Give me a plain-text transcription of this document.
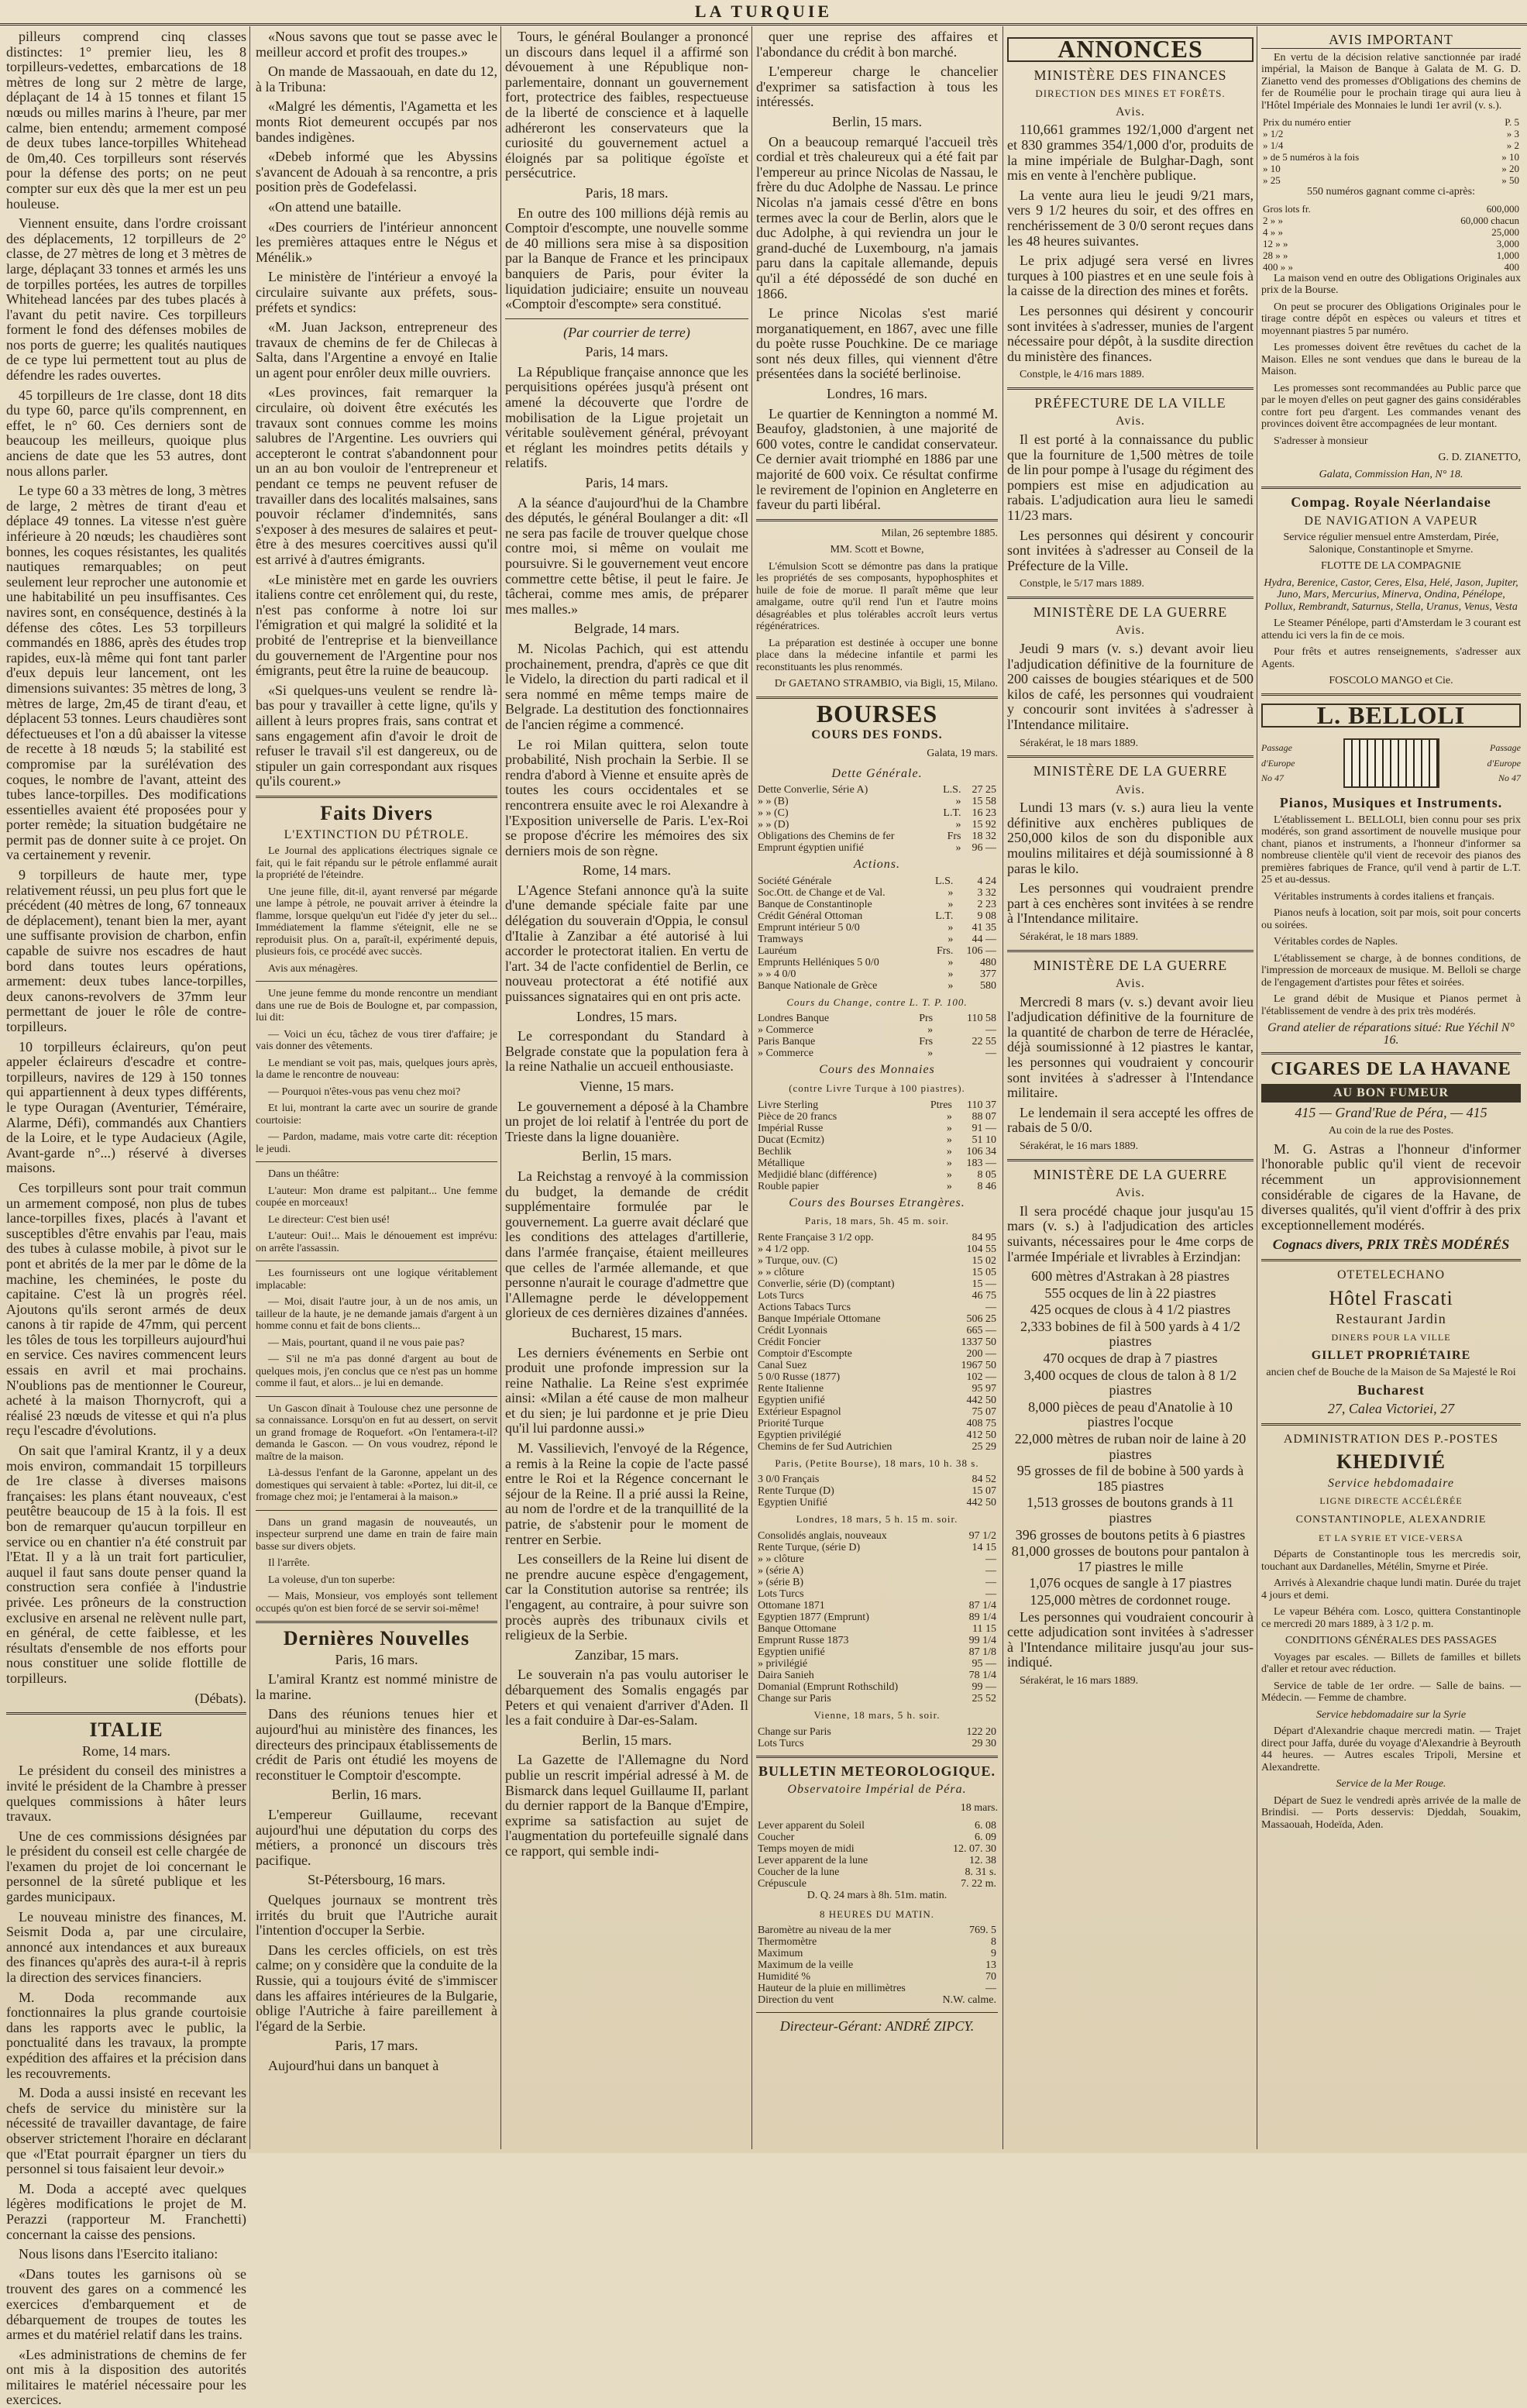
LA TURQUIE

pilleurs comprend cinq classes distinctes: 1° premier lieu, les 8 torpilleurs-vedettes, embarcations de 18 mètres de long sur 2 mètre de large, déplaçant de 14 à 15 tonnes et filant 15 nœuds ou milles marins à l'heure, par mer calme, bien entendu; armement composé de deux tubes lance-torpilles Whitehead de 0m,40. Ces torpilleurs sont réservés pour la défense des ports; on ne peut compter sur eux dès que la mer est un peu houleuse.

Viennent ensuite, dans l'ordre croissant des déplacements, 12 torpilleurs de 2° classe, de 27 mètres de long et 3 mètres de large, déplaçant 33 tonnes et armés les uns de torpilles portées, les autres de torpilles Whitehead lancées par des tubes placés à l'avant du petit navire. Ces torpilleurs forment le fond des défenses mobiles de nos ports de guerre; les qualités nautiques de ce type lui permettent tout au plus de défendre les rades ouvertes.

45 torpilleurs de 1re classe, dont 18 dits du type 60, parce qu'ils comprennent, en effet, le n° 60. Ces derniers sont de beaucoup les meilleurs, quoique plus anciens de date que les 53 autres, dont nous allons parler.

Le type 60 a 33 mètres de long, 3 mètres de large, 2 mètres de tirant d'eau et déplace 49 tonnes. La vitesse n'est guère inférieure à 20 nœuds; les chaudières sont bonnes, les coques résistantes, les qualités nautiques remarquables; on peut seulement leur reprocher une autonomie et une habitabilité un peu insuffisantes. Ces navires sont, en conséquence, destinés à la défense des côtes. Les 53 torpilleurs commandés en 1886, après des études trop rapides, eux-là même qui font tant parler d'eux depuis leur lancement, ont les dimensions suivantes: 35 mètres de long, 3 mètres de large, 2m,45 de tirant d'eau, et déplacent 53 tonnes. Leurs chaudières sont défectueuses et l'on a dû abaisser la vitesse de recette à 18 nœuds 5; la stabilité est compromise par la surélévation des coques, le nombre de l'avant, atteint des tubes lance-torpilles. Des modifications essentielles avaient été proposées pour y porter remède; la situation budgétaire ne permit pas de donner suite à ce projet. On va certainement y revenir.

9 torpilleurs de haute mer, type relativement réussi, un peu plus fort que le précédent (40 mètres de long, 67 tonneaux de déplacement), tenant bien la mer, ayant une suffisante provision de charbon, enfin capable de suivre nos escadres de haut bord dans toutes leurs opérations, armement: deux tubes lance-torpilles, deux canons-revolvers de 37mm leur permettant de jouer le rôle de contre-torpilleurs.

10 torpilleurs éclaireurs, qu'on peut appeler éclaireurs d'escadre et contre-torpilleurs, navires de 129 à 150 tonnes qui appartiennent à deux types différents, le type Ouragan (Aventurier, Téméraire, Alarme, Défi), commandés aux Chantiers de la Loire, et le type Audacieux (Agile, Avant-garde n°...) réservé à diverses maisons.

Ces torpilleurs sont pour trait commun un armement composé, non plus de tubes lance-torpilles fixes, placés à l'avant et susceptibles d'être envahis par l'eau, mais des tubes à culasse mobile, à pivot sur le pont et abrités de la mer par le dôme de la machine, les cheminées, le poste du capitaine. C'est là un progrès réel. Ajoutons qu'ils seront armés de deux canons à tir rapide de 47mm, qui percent les tôles de tous les torpilleurs aujourd'hui en service. Ces navires commencent leurs essais en avril et mai prochains. N'oublions pas de mentionner le Coureur, acheté à la maison Thornycroft, qui a réalisé 23 nœuds de vitesse et qui n'a plus reçu l'escadre d'évolutions.

On sait que l'amiral Krantz, il y a deux mois environ, commandait 15 torpilleurs de 1re classe à diverses maisons françaises: les plans étant nouveaux, c'est peutêtre beaucoup de 15 à la fois. Il est bon de remarquer qu'aucun torpilleur en service ou en chantier n'a été construit par l'Etat. Il y a là un trait fort particulier, auquel il faut sans doute penser quand la construction sera confiée à l'industrie privée. Les prôneurs de la construction exclusive en arsenal ne relèvent nulle part, en général, de cette faiblesse, et les résultats d'ensemble de nos efforts pour nous constituer une solide flottille de torpilleurs.

(Débats).

ITALIE

Rome, 14 mars.

Le président du conseil des ministres a invité le président de la Chambre à presser quelques commissions à hâter leurs travaux.

Une de ces commissions désignées par le président du conseil est celle chargée de l'examen du projet de loi concernant le personnel de la sûreté publique et les gardes municipaux.

Le nouveau ministre des finances, M. Seismit Doda a, par une circulaire, annoncé aux intendances et aux bureaux des finances qu'après des aura-t-il à repris la direction des services financiers.

M. Doda recommande aux fonctionnaires la plus grande courtoisie dans les rapports avec le public, la ponctualité dans les travaux, la prompte expédition des affaires et la précision dans les recouvrements.

M. Doda a aussi insisté en recevant les chefs de service du ministère sur la nécessité de travailler davantage, de faire observer strictement l'horaire en déclarant que «l'Etat pourrait épargner un tiers du personnel si tous faisaient leur devoir.»

M. Doda a accepté avec quelques légères modifications le projet de M. Perazzi (rapporteur M. Franchetti) concernant la caisse des pensions.

Nous lisons dans l'Esercito italiano:

«Dans toutes les garnisons où se trouvent des gares on a commencé les exercices d'embarquement et de débarquement de troupes de toutes les armes et du matériel relatif dans les trains.

«Les administrations de chemins de fer ont mis à la disposition des autorités militaires le matériel nécessaire pour les exercices.

«Nous savons que tout se passe avec le meilleur accord et profit des troupes.»

On mande de Massaouah, en date du 12, à la Tribuna:

«Malgré les démentis, l'Agametta et les monts Riot demeurent occupés par nos bandes indigènes.

«Debeb informé que les Abyssins s'avancent de Adouah à sa rencontre, a pris position près de Godefelassi.

«On attend une bataille.

«Des courriers de l'intérieur annoncent les premières attaques entre le Négus et Ménélik.»

Le ministère de l'intérieur a envoyé la circulaire suivante aux préfets, sous-préfets et syndics:

«M. Juan Jackson, entrepreneur des travaux de chemins de fer de Chilecas à Salta, dans l'Argentine a envoyé en Italie un agent pour enrôler deux mille ouvriers.

«Les provinces, fait remarquer la circulaire, où doivent être exécutés les travaux sont connues comme les moins salubres de l'Argentine. Les ouvriers qui accepteront le contrat s'abandonnent pour un an au bon vouloir de l'entrepreneur et pendant ce temps ne peuvent refuser de travailler dans des localités malsaines, sans pouvoir réclamer d'indemnités, sans s'exposer à des mesures de salaires et peut-être à des mesures coercitives aussi qu'il est arrivé à d'autres émigrants.

«Le ministère met en garde les ouvriers italiens contre cet enrôlement qui, du reste, n'est pas conforme à notre loi sur l'émigration et qui malgré la solidité et la probité de l'entreprise et la bienveillance du gouvernement de l'Argentine pour nos émigrants, peut être la ruine de beaucoup.

«Si quelques-uns veulent se rendre là-bas pour y travailler à cette ligne, qu'ils y aillent à leurs propres frais, sans contrat et sans engagement afin d'avoir le droit de refuser le travail s'il est dangereux, ou de stipuler un gain correspondant aux risques qu'ils courent.»

Faits Divers
L'EXTINCTION DU PÉTROLE.

Le Journal des applications électriques signale ce fait, qui le fait répandu sur le pétrole enflammé aurait la propriété de l'éteindre.

Une jeune fille, dit-il, ayant renversé par mégarde une lampe à pétrole, ne pouvait arriver à éteindre la flamme, lorsque quelqu'un eut l'idée d'y jeter du sel... Immédiatement la flamme s'éteignit, elle ne se reproduisit plus. On a, paraît-il, expérimenté depuis, plusieurs fois, ce procédé avec succès.

Avis aux ménagères.

Une jeune femme du monde rencontre un mendiant dans une rue de Bois de Boulogne et, par compassion, lui dit:

— Voici un écu, tâchez de vous tirer d'affaire; je vais donner des vêtements.

Le mendiant se voit pas, mais, quelques jours après, la dame le rencontre de nouveau:

— Pourquoi n'êtes-vous pas venu chez moi?

Et lui, montrant la carte avec un sourire de grande courtoisie:

— Pardon, madame, mais votre carte dit: réception le jeudi.

Dans un théâtre:

L'auteur: Mon drame est palpitant... Une femme coupée en morceaux!

Le directeur: C'est bien usé!

L'auteur: Oui!... Mais le dénouement est imprévu: on arrête l'assassin.

Les fournisseurs ont une logique véritablement implacable:

— Moi, disait l'autre jour, à un de nos amis, un tailleur de la haute, je ne demande jamais d'argent à un homme connu et fait de bons clients...

— Mais, pourtant, quand il ne vous paie pas?

— S'il ne m'a pas donné d'argent au bout de quelques mois, j'en conclus que ce n'est pas un homme comme il faut, et alors... je lui en demande.

Un Gascon dînait à Toulouse chez une personne de sa connaissance. Lorsqu'on en fut au dessert, on servit un grand fromage de Roquefort. «On l'entamera-t-il? demanda le Gascon. — On vous voudrez, répond le maître de la maison.

Là-dessus l'enfant de la Garonne, appelant un des domestiques qui servaient à table: «Portez, lui dit-il, ce fromage chez moi; je l'entamerai à la maison.»

Dans un grand magasin de nouveautés, un inspecteur surprend une dame en train de faire main basse sur divers objets.

Il l'arrête.

La voleuse, d'un ton superbe:

— Mais, Monsieur, vos employés sont tellement occupés qu'on est bien forcé de se servir soi-même!

Dernières Nouvelles

Paris, 16 mars.

L'amiral Krantz est nommé ministre de la marine.

Dans des réunions tenues hier et aujourd'hui au ministère des finances, les directeurs des principaux établissements de crédit de Paris ont étudié les moyens de reconstituer le Comptoir d'escompte.

Berlin, 16 mars.

L'empereur Guillaume, recevant aujourd'hui une députation du corps des métiers, a prononcé un discours très pacifique.

St-Pétersbourg, 16 mars.

Quelques journaux se montrent très irrités du bruit que l'Autriche aurait l'intention d'occuper la Serbie.

Dans les cercles officiels, on est très calme; on y considère que la conduite de la Russie, qui a toujours évité de s'immiscer dans les affaires intérieures de la Bulgarie, oblige l'Autriche à faire pareillement à l'égard de la Serbie.

Paris, 17 mars.

Aujourd'hui dans un banquet à

Tours, le général Boulanger a prononcé un discours dans lequel il a affirmé son dévouement à une République non-parlementaire, donnant un gouvernement fort, protectrice des faibles, respectueuse de la liberté de conscience et à laquelle adhéreront les conservateurs que la curiosité du gouvernement actuel a éloignés par sa politique égoïste et persécutrice.

Paris, 18 mars.

En outre des 100 millions déjà remis au Comptoir d'escompte, une nouvelle somme de 40 millions sera mise à sa disposition par la Banque de France et les principaux banquiers de Paris, pour éviter la liquidation judiciaire; ensuite un nouveau «Comptoir d'escompte» sera constitué.

(Par courrier de terre)

Paris, 14 mars.

La République française annonce que les perquisitions opérées jusqu'à présent ont amené la découverte que l'ordre de mobilisation de la Ligue projetait un véritable soulèvement général, prévoyant et réglant les moindres petits détails y relatifs.

Paris, 14 mars.

A la séance d'aujourd'hui de la Chambre des députés, le général Boulanger a dit: «Il ne sera pas facile de trouver quelque chose contre moi, si même on voulait me poursuivre. Si le gouvernement veut encore commettre cette bêtise, il peut le faire. Je tâcherai, comme mes amis, de préparer mes malles.»

Belgrade, 14 mars.

M. Nicolas Pachich, qui est attendu prochainement, prendra, d'après ce que dit le Videlo, la direction du parti radical et il sera nommé en même temps maire de Belgrade. La destitution des fonctionnaires de l'ancien régime a commencé.

Le roi Milan quittera, selon toute probabilité, Nish prochain la Serbie. Il se rendra d'abord à Vienne et ensuite après de toutes les cours occidentales et se rencontrera ensuite avec le roi Alexandre à l'Exposition universelle de Paris. L'ex-Roi se propose d'écrire les mémoires des six derniers mois de son règne.

Rome, 14 mars.

L'Agence Stefani annonce qu'à la suite d'une demande spéciale faite par une délégation du souverain d'Oppia, le consul d'Italie à Zanzibar a été autorisé à lui accorder le protectorat italien. En vertu de l'art. 34 de l'acte confidentiel de Berlin, ce nouveau protectorat a été notifié aux puissances signataires qui en ont pris acte.

Londres, 15 mars.

Le correspondant du Standard à Belgrade constate que la population fera à la reine Nathalie un accueil enthousiaste.

Vienne, 15 mars.

Le gouvernement a déposé à la Chambre un projet de loi relatif à l'entrée du port de Trieste dans la ligne douanière.

Berlin, 15 mars.

La Reichstag a renvoyé à la commission du budget, la demande de crédit supplémentaire formulée par le gouvernement. La guerre avait déclaré que les conditions des attelages d'artillerie, dans l'armée française, étaient meilleures que celles de l'armée allemande, et que personne n'aurait le courage d'admettre que l'Allemagne perde le développement glorieux de ces dernières dizaines d'années.

Bucharest, 15 mars.

Les derniers événements en Serbie ont produit une profonde impression sur la reine Nathalie. La Reine s'est exprimée ainsi: «Milan a été cause de mon malheur et du sien; je lui pardonne et je prie Dieu qu'il lui pardonne aussi.»

M. Vassilievich, l'envoyé de la Régence, a remis à la Reine la copie de l'acte passé entre le Roi et la Régence concernant le séjour de la Reine. Il a prié aussi la Reine, au nom de l'ordre et de la tranquillité de la patrie, de s'abstenir pour le moment de rentrer en Serbie.

Les conseillers de la Reine lui disent de ne prendre aucune espèce d'engagement, car la Constitution autorise sa rentrée; ils l'engagent, au contraire, à pour suivre son procès auprès des tribunaux civils et religieux de la Serbie.

Zanzibar, 15 mars.

Le souverain n'a pas voulu autoriser le débarquement des Somalis engagés par Peters et qui venaient d'arriver d'Aden. Il les a fait conduire à Dar-es-Salam.

Berlin, 15 mars.

La Gazette de l'Allemagne du Nord publie un rescrit impérial adressé à M. de Bismarck dans lequel Guillaume II, parlant du dernier rapport de la Banque d'Empire, exprime sa satisfaction au sujet de l'augmentation du portefeuille signalé dans ce rapport, qui semble indi-

quer une reprise des affaires et l'abondance du crédit à bon marché.

L'empereur charge le chancelier d'exprimer sa satisfaction à tous les intéressés.

Berlin, 15 mars.

On a beaucoup remarqué l'accueil très cordial et très chaleureux qui a été fait par l'empereur au prince Nicolas de Nassau, le frère du duc Adolphe de Nassau. Le prince Nicolas n'a jamais cessé d'être en bons termes avec la cour de Berlin, alors que le duc Adolphe, à qui reviendra un jour le grand-duché de Luxembourg, n'a jamais paru dans la capitale allemande, depuis qu'il a été dépossédé de son duché en 1866.

Le prince Nicolas s'est marié morganatiquement, en 1867, avec une fille du poète russe Pouchkine. De ce mariage sont nés deux filles, qui viennent d'être présentées dans la société berlinoise.

Londres, 16 mars.

Le quartier de Kennington a nommé M. Beaufoy, gladstonien, à une majorité de 600 votes, contre le candidat conservateur. Ce dernier avait triomphé en 1886 par une majorité de 600 voix. Ce résultat confirme le revirement de l'opinion en Angleterre en faveur du parti libéral.

Milan, 26 septembre 1885.

MM. Scott et Bowne,

L'émulsion Scott se démontre pas dans la pratique les propriétés de ses composants, hypophosphites et huile de foie de morue. Il paraît même que leur amalgame, outre qu'il rend l'un et l'autre moins désagréables et plus tolérables accroît leurs vertus régénératrices.

La préparation est destinée à occuper une bonne place dans la médecine infantile et parmi les reconstituants les plus renommés.

Dr GAETANO STRAMBIO, via Bigli, 15, Milano.

BOURSES
COURS DES FONDS.

Galata, 19 mars.

Dette Générale.
Dette Converlie, Série A)	L.S.	27 25
» » (B)	»	15 58
» » (C)	L.T.	16 23
» » (D)	»	15 92
Obligations des Chemins de fer	Frs	18 32
Emprunt égyptien unifié	»	96 —
Actions.
Société Générale	L.S.	4 24
Soc.Ott. de Change et de Val.	»	3 32
Banque de Constantinople	»	2 23
Crédit Général Ottoman	L.T.	9 08
Emprunt intérieur 5 0/0	»	41 35
Tramways	»	44 —
Lauréum	Frs.	106 —
Emprunts Helléniques 5 0/0	»	480
» » 4 0/0	»	377
Banque Nationale de Grèce	»	580
Cours du Change, contre L. T. P. 100.
Londres Banque	Prs	110 58
» Commerce	»	—
Paris Banque	Frs	22 55
» Commerce	»	—
Cours des Monnaies
(contre Livre Turque à 100 piastres).
Livre Sterling	Ptres	110 37
Pièce de 20 francs	»	88 07
Impérial Russe	»	91 —
Ducat (Ecmitz)	»	51 10
Bechlik	»	106 34
Métallique	»	183 —
Medjidié blanc (différence)	»	8 05
Rouble papier	»	8 46
Cours des Bourses Etrangères.
Paris, 18 mars, 5h. 45 m. soir.
Rente Française 3 1/2 opp.	84 95
» 4 1/2 opp.	104 55
» Turque, ouv. (C)	15 02
» » clôture	15 05
Converlie, série (D) (comptant)	15 —
Lots Turcs	46 75
Actions Tabacs Turcs	—
Banque Impériale Ottomane	506 25
Crédit Lyonnais	665 —
Crédit Foncier	1337 50
Comptoir d'Escompte	200 —
Canal Suez	1967 50
5 0/0 Russe (1877)	102 —
Rente Italienne	95 97
Egyptien unifié	442 50
Extérieur Espagnol	75 07
Priorité Turque	408 75
Egyptien privilégié	412 50
Chemins de fer Sud Autrichien	25 29
Paris, (Petite Bourse), 18 mars, 10 h. 38 s.
3 0/0 Français	84 52
Rente Turque (D)	15 07
Egyptien Unifié	442 50
Londres, 18 mars, 5 h. 15 m. soir.
Consolidés anglais, nouveaux	97 1/2
Rente Turque, (série D)	14 15
» » clôture	—
» (série A)	—
» (série B)	—
Lots Turcs	—
Ottomane 1871	87 1/4
Egyptien 1877 (Emprunt)	89 1/4
Banque Ottomane	11 15
Emprunt Russe 1873	99 1/4
Egyptien unifié	87 1/8
» privilégié	95 —
Daira Sanieh	78 1/4
Domanial (Emprunt Rothschild)	99 —
Change sur Paris	25 52
Vienne, 18 mars, 5 h. soir.
Change sur Paris	122 20
Lots Turcs	29 30
BULLETIN METEOROLOGIQUE.
Observatoire Impérial de Péra.

18 mars.

Lever apparent du Soleil	6. 08
Coucher	6. 09
Temps moyen de midi	12. 07. 30
Lever apparent de la lune	12. 38
Coucher de la lune	8. 31 s.
Crépuscule	7. 22 m.

D. Q. 24 mars à 8h. 51m. matin.

8 HEURES DU MATIN.
Baromètre au niveau de la mer	769. 5
Thermomètre	8
Maximum	9
Maximum de la veille	13
Humidité %	70
Hauteur de la pluie en millimètres	—
Direction du vent	N.W. calme.

Directeur-Gérant: ANDRÉ ZIPCY.

ANNONCES
MINISTÈRE DES FINANCES
DIRECTION DES MINES ET FORÊTS.
Avis.

110,661 grammes 192/1,000 d'argent net et 830 grammes 354/1,000 d'or, produits de la mine impériale de Bulghar-Dagh, sont mis en vente à l'enchère publique.

La vente aura lieu le jeudi 9/21 mars, vers 9 1/2 heures du soir, et des offres en renchérissement de 3 0/0 seront reçues dans les 48 heures suivantes.

Le prix adjugé sera versé en livres turques à 100 piastres et en une seule fois à la caisse de la direction des mines et forêts.

Les personnes qui désirent y concourir sont invitées à s'adresser, munies de l'argent nécessaire pour dépôt, à la susdite direction du ministère des finances.

Constple, le 4/16 mars 1889.

PRÉFECTURE DE LA VILLE
Avis.

Il est porté à la connaissance du public que la fourniture de 1,500 mètres de toile de lin pour pompe à l'usage du régiment des pompiers est mise en adjudication au rabais. L'adjudication aura lieu le samedi 11/23 mars.

Les personnes qui désirent y concourir sont invitées à s'adresser au Conseil de la Préfecture de la Ville.

Constple, le 5/17 mars 1889.

MINISTÈRE DE LA GUERRE
Avis.

Jeudi 9 mars (v. s.) devant avoir lieu l'adjudication définitive de la fourniture de 200 caisses de bougies stéariques et de 500 kilos de café, les personnes qui voudraient y concourir sont invitées à s'adresser à l'Intendance militaire.

Sérakérat, le 18 mars 1889.

MINISTÈRE DE LA GUERRE
Avis.

Lundi 13 mars (v. s.) aura lieu la vente définitive aux enchères publiques de 250,000 kilos de son du disponible aux moulins militaires et déjà soumissionné à 8 paras le kilo.

Les personnes qui voudraient prendre part à ces enchères sont invitées à se rendre à l'Intendance militaire.

Sérakérat, le 18 mars 1889.

MINISTÈRE DE LA GUERRE
Avis.

Mercredi 8 mars (v. s.) devant avoir lieu l'adjudication définitive de la fourniture de la quantité de charbon de terre de Héraclée, déjà soumissionné à 12 piastres le kantar, les personnes qui voudraient y concourir sont invitées à s'adresser à l'Intendance militaire.

Le lendemain il sera accepté les offres de rabais de 5 0/0.

Sérakérat, le 16 mars 1889.

MINISTÈRE DE LA GUERRE
Avis.

Il sera procédé chaque jour jusqu'au 15 mars (v. s.) à l'adjudication des articles suivants, nécessaires pour le 4me corps de l'armée Impériale et livrables à Erzindjan:

600 mètres d'Astrakan à 28 piastres

555 ocques de lin à 22 piastres

425 ocques de clous à 4 1/2 piastres

2,333 bobines de fil à 500 yards à 4 1/2 piastres

470 ocques de drap à 7 piastres

3,400 ocques de clous de talon à 8 1/2 piastres

8,000 pièces de peau d'Anatolie à 10 piastres l'ocque

22,000 mètres de ruban noir de laine à 20 piastres

95 grosses de fil de bobine à 500 yards à 185 piastres

1,513 grosses de boutons grands à 11 piastres

396 grosses de boutons petits à 6 piastres

81,000 grosses de boutons pour pantalon à 17 piastres le mille

1,076 ocques de sangle à 17 piastres

125,000 mètres de cordonnet rouge.

Les personnes qui voudraient concourir à cette adjudication sont invitées à s'adresser à l'Intendance militaire jusqu'au jour sus-indiqué.

Sérakérat, le 16 mars 1889.

AVIS IMPORTANT

En vertu de la décision relative sanctionnée par iradé impérial, la Maison de Banque à Galata de M. G. D. Zianetto vend des promesses d'Obligations des chemins de fer de Roumélie pour le prochain tirage qui aura lieu à l'Hôtel Impériale des Monnaies le lundi 1er avril (v. s.).

Prix du numéro entier	P. 5
» 1/2	» 3
» 1/4	» 2
» de 5 numéros à la fois	» 10
» 10	» 20
» 25	» 50

550 numéros gagnant comme ci-après:

Gros lots fr.	600,000
2 » »	60,000 chacun
4 » »	25,000
12 » »	3,000
28 » »	1,000
400 » »	400

La maison vend en outre des Obligations Originales aux prix de la Bourse.

On peut se procurer des Obligations Originales pour le tirage contre dépôt en espèces ou valeurs et titres et moyennant piastres 5 par numéro.

Les promesses doivent être revêtues du cachet de la Maison. Elles ne sont vendues que dans le bureau de la Maison.

Les promesses sont recommandées au Public parce que par le moyen d'elles on peut gagner des gains considérables contre fort peu d'argent. Les commandes venant des provinces doivent être accompagnées de leur montant.

S'adresser à monsieur

G. D. ZIANETTO,

Galata, Commission Han, N° 18.

Compag. Royale Néerlandaise
DE NAVIGATION A VAPEUR

Service régulier mensuel entre Amsterdam, Pirée, Salonique, Constantinople et Smyrne.

FLOTTE DE LA COMPAGNIE

Hydra, Berenice, Castor, Ceres, Elsa, Helé, Jason, Jupiter, Juno, Mars, Mercurius, Minerva, Ondina, Pénélope, Pollux, Rembrandt, Saturnus, Stella, Uranus, Venus, Vesta

Le Steamer Pénélope, parti d'Amsterdam le 3 courant est attendu ici vers la fin de ce mois.

Pour frêts et autres renseignements, s'adresser aux Agents.

FOSCOLO MANGO et Cie.

L. BELLOLI
Passage d'Europe No 47
Passage d'Europe No 47
Pianos, Musiques et Instruments.

L'établissement L. BELLOLI, bien connu pour ses prix modérés, son grand assortiment de nouvelle musique pour chant, pianos et instruments, a l'honneur d'informer sa nombreuse clientèle qu'il vient de recevoir des pianos des premières fabriques de France, qu'il vend à partir de L.T. 25 et au-dessus.

Véritables instruments à cordes italiens et français.

Pianos neufs à location, soit par mois, soit pour concerts ou soirées.

Véritables cordes de Naples.

L'établissement se charge, à de bonnes conditions, de l'impression de morceaux de musique. M. Belloli se charge de l'engagement d'artistes pour fêtes et soirées.

Le grand débit de Musique et Pianos permet à l'établissement de vendre à des prix très modérés.

Grand atelier de réparations situé: Rue Yéchil N° 16.

CIGARES DE LA HAVANE
AU BON FUMEUR

415 — Grand'Rue de Péra, — 415

Au coin de la rue des Postes.

M. G. Astras a l'honneur d'informer l'honorable public qu'il vient de recevoir récemment un approvisionnement considérable de cigares de la Havane, de diverses qualités, qu'il vient d'offrir à des prix exceptionnellement modérés.

Cognacs divers, PRIX TRÈS MODÉRÉS

OTETELECHANO
Hôtel Frascati
Restaurant Jardin
DINERS POUR LA VILLE
GILLET PROPRIÉTAIRE

ancien chef de Bouche de la Maison de Sa Majesté le Roi

Bucharest

27, Calea Victoriei, 27

ADMINISTRATION DES P.-POSTES
KHEDIVIÉ
Service hebdomadaire
LIGNE DIRECTE ACCÉLÉRÉE
CONSTANTINOPLE, ALEXANDRIE
ET LA SYRIE ET VICE-VERSA

Départs de Constantinople tous les mercredis soir, touchant aux Dardanelles, Métélin, Smyrne et Pirée.

Arrivés à Alexandrie chaque lundi matin. Durée du trajet 4 jours et demi.

Le vapeur Béhéra com. Losco, quittera Constantinople ce mercredi 20 mars 1889, à 3 1/2 p. m.

CONDITIONS GÉNÉRALES DES PASSAGES

Voyages par escales. — Billets de familles et billets d'aller et retour avec réduction.

Service de table de 1er ordre. — Salle de bains. — Médecin. — Femme de chambre.

Service hebdomadaire sur la Syrie

Départ d'Alexandrie chaque mercredi matin. — Trajet direct pour Jaffa, durée du voyage d'Alexandrie à Beyrouth 44 heures. — Autres escales Tripoli, Mersine et Alexandrette.

Service de la Mer Rouge.

Départ de Suez le vendredi après arrivée de la malle de Brindisi. — Ports desservis: Djeddah, Souakim, Massaouah, Hodeïda, Aden.
